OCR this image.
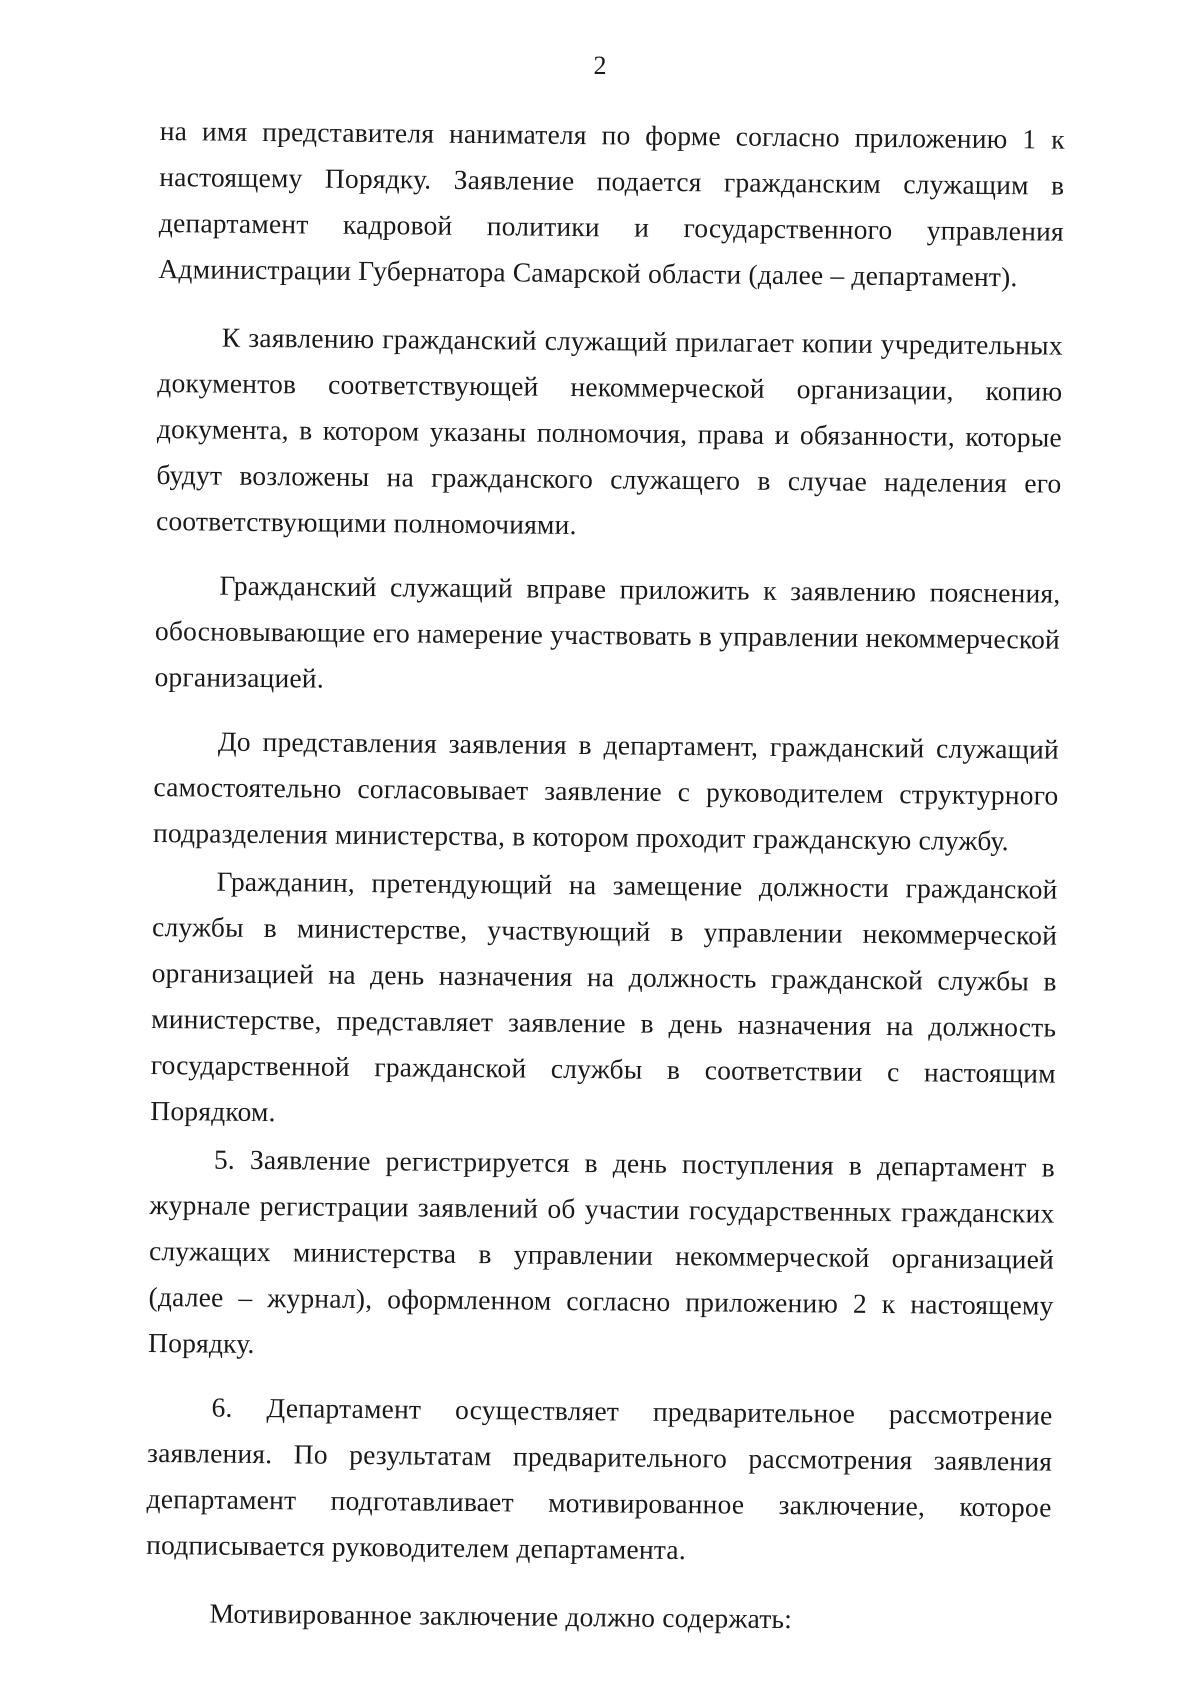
2

на имя представителя нанимателя по форме согласно приложению 1 к настоящему Порядку. Заявление подается гражданским служащим в департамент кадровой политики и государственного управления Администрации Губернатора Самарской области (далее – департамент).

К заявлению гражданский служащий прилагает копии учредительных документов соответствующей некоммерческой организации, копию документа, в котором указаны полномочия, права и обязанности, которые будут возложены на гражданского служащего в случае наделения его соответствующими полномочиями.

Гражданский служащий вправе приложить к заявлению пояснения, обосновывающие его намерение участвовать в управлении некоммерческой организацией.

До представления заявления в департамент, гражданский служащий самостоятельно согласовывает заявление с руководителем структурного подразделения министерства, в котором проходит гражданскую службу.

Гражданин, претендующий на замещение должности гражданской службы в министерстве, участвующий в управлении некоммерческой организацией на день назначения на должность гражданской службы в министерстве, представляет заявление в день назначения на должность государственной гражданской службы в соответствии с настоящим Порядком.

5. Заявление регистрируется в день поступления в департамент в журнале регистрации заявлений об участии государственных гражданских служащих министерства в управлении некоммерческой организацией (далее – журнал), оформленном согласно приложению 2 к настоящему Порядку.

6. Департамент осуществляет предварительное рассмотрение заявления. По результатам предварительного рассмотрения заявления департамент подготавливает мотивированное заключение, которое подписывается руководителем департамента.

Мотивированное заключение должно содержать:
